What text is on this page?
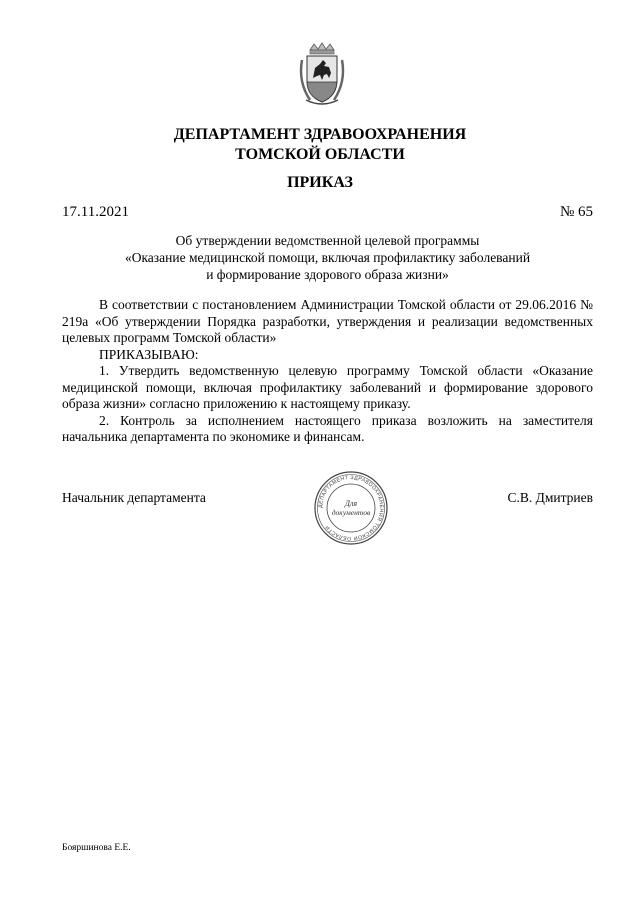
ДЕПАРТАМЕНТ ЗДРАВООХРАНЕНИЯ
ТОМСКОЙ ОБЛАСТИ
ПРИКАЗ
17.11.2021	№ 65
Об утверждении ведомственной целевой программы
«Оказание медицинской помощи, включая профилактику заболеваний
и формирование здорового образа жизни»

В соответствии с постановлением Администрации Томской области от 29.06.2016 № 219а «Об утверждении Порядка разработки, утверждения и реализации ведомственных целевых программ Томской области»

ПРИКАЗЫВАЮ:

1. Утвердить ведомственную целевую программу Томской области «Оказание медицинской помощи, включая профилактику заболеваний и формирование здорового образа жизни» согласно приложению к настоящему приказу.

2. Контроль за исполнением настоящего приказа возложить на заместителя начальника департамента по экономике и финансам.

Начальник департамента	С.В. Дмитриев
ДЕПАРТАМЕНТ ЗДРАВООХРАНЕНИЯ ТОМСКОЙ ОБЛАСТИ
Для
документов
Бояршинова Е.Е.
